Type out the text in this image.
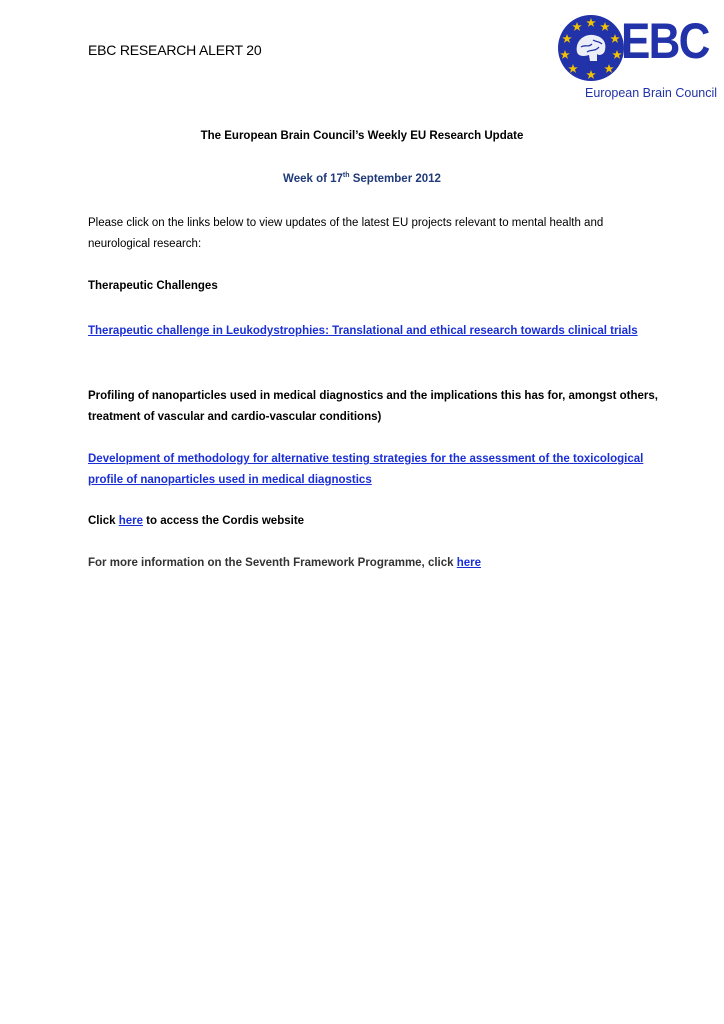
EBC RESEARCH ALERT 20	EBC
European Brain Council
The European Brain Council’s Weekly EU Research Update
Week of 17th September 2012
Please click on the links below to view updates of the latest EU projects relevant to mental health and neurological research:
Therapeutic Challenges
Therapeutic challenge in Leukodystrophies: Translational and ethical research towards clinical trials
Profiling of nanoparticles used in medical diagnostics and the implications this has for, amongst others, treatment of vascular and cardio-vascular conditions)
Development of methodology for alternative testing strategies for the assessment of the toxicological profile of nanoparticles used in medical diagnostics
Click here to access the Cordis website
For more information on the Seventh Framework Programme, click here
